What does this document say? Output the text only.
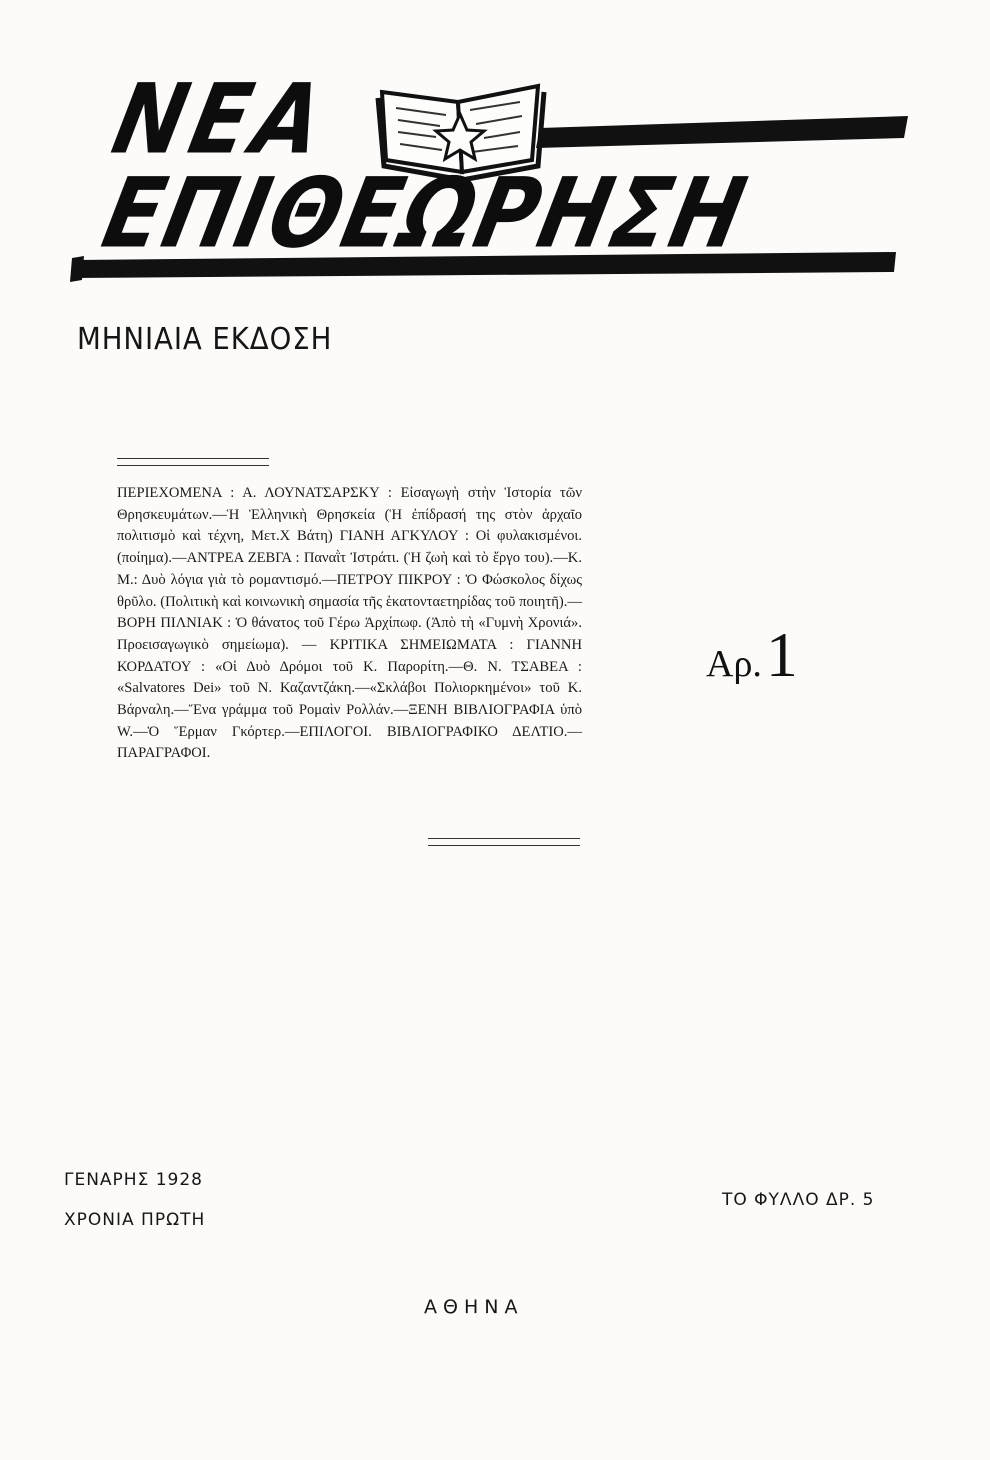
ΝΕΑ
ΕΠΙΘΕΩΡΗΣΗ
ΜΗΝΙΑΙΑ ΕΚΔΟΣΗ
ΠΕΡΙΕΧΟΜΕΝΑ : Α. ΛΟΥΝΑΤΣΑΡΣΚΥ : Εἰσαγωγὴ στὴν Ἱστορία τῶν Θρησκευμάτων.—Ἡ Ἑλληνικὴ Θρησκεία (Ἡ ἐπίδρασή της στὸν ἀρχαῖο πολιτισμὸ καὶ τέχνη, Μετ.Χ Βάτη) ΓΙΑΝΗ ΑΓΚΥΛΟΥ : Οἱ φυλακισμένοι. (ποίημα).—ΑΝΤΡΕΑ ΖΕΒΓΑ : Παναῒτ Ἰστράτι. (Ἡ ζωὴ καὶ τὸ ἔργο του).—Κ. Μ.: Δυὸ λόγια γιὰ τὸ ρομαντισμό.—ΠΕΤΡΟΥ ΠΙΚΡΟΥ : Ὁ Φώσκολος δίχως θρῦλο. (Πολιτικὴ καὶ κοινωνικὴ σημασία τῆς ἑκατονταετηρίδας τοῦ ποιητῆ).—ΒΟΡΗ ΠΙΛΝΙΑΚ : Ὁ θάνατος τοῦ Γέρω Ἀρχίπωφ. (Ἀπὸ τὴ «Γυμνὴ Χρονιά». Προεισαγωγικὸ σημείωμα). — ΚΡΙΤΙΚΑ ΣΗΜΕΙΩΜΑΤΑ : ΓΙΑΝΝΗ ΚΟΡΔΑΤΟΥ : «Οἱ Δυὸ Δρόμοι τοῦ Κ. Παρορίτη.—Θ. Ν. ΤΣΑΒΕΑ : «Salvatores Dei» τοῦ Ν. Καζαντζάκη.—«Σκλάβοι Πολιορκημένοι» τοῦ Κ. Βάρναλη.—Ἕνα γράμμα τοῦ Ρομαὶν Ρολλάν.—ΞΕΝΗ ΒΙΒΛΙΟΓΡΑΦΙΑ ὑπὸ W.—Ὁ Ἕρμαν Γκόρτερ.—ΕΠΙΛΟΓΟΙ. ΒΙΒΛΙΟΓΡΑΦΙΚΟ ΔΕΛΤΙΟ.—ΠΑΡΑΓΡΑΦΟΙ.
Αρ.1
ΓΕΝΑΡΗΣ 1928
ΧΡΟΝΙΑ ΠΡΩΤΗ
ΤΟ ΦΥΛΛΟ ΔΡ. 5
ΑΘΗΝΑ
